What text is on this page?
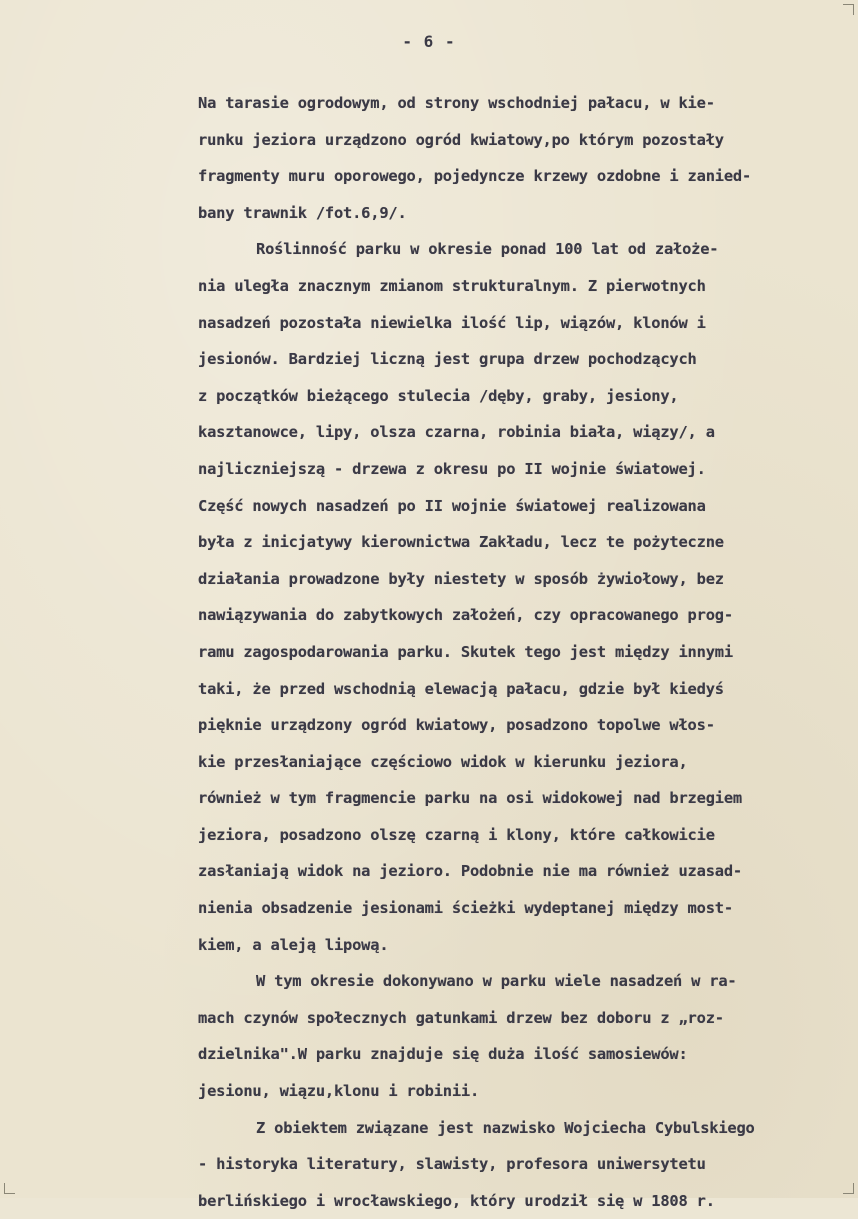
- 6 -
Na tarasie ogrodowym, od strony wschodniej pałacu, w kie-
runku jeziora urządzono ogród kwiatowy,po którym pozostały
fragmenty muru oporowego, pojedyncze krzewy ozdobne i zanied-
bany trawnik /fot.6,9/.
Roślinność parku w okresie ponad 100 lat od założe-
nia uległa znacznym zmianom strukturalnym. Z pierwotnych
nasadzeń pozostała niewielka ilość lip, wiązów, klonów i
jesionów. Bardziej liczną jest grupa drzew pochodzących
z początków bieżącego stulecia /dęby, graby, jesiony,
kasztanowce, lipy, olsza czarna, robinia biała, wiązy/, a
najliczniejszą - drzewa z okresu po II wojnie światowej.
Część nowych nasadzeń po II wojnie światowej realizowana
była z inicjatywy kierownictwa Zakładu, lecz te pożyteczne
działania prowadzone były niestety w sposób żywiołowy, bez
nawiązywania do zabytkowych założeń, czy opracowanego prog-
ramu zagospodarowania parku. Skutek tego jest między innymi
taki, że przed wschodnią elewacją pałacu, gdzie był kiedyś
pięknie urządzony ogród kwiatowy, posadzono topolwe włos-
kie przesłaniające częściowo widok w kierunku jeziora,
również w tym fragmencie parku na osi widokowej nad brzegiem
jeziora, posadzono olszę czarną i klony, które całkowicie
zasłaniają widok na jezioro. Podobnie nie ma również uzasad-
nienia obsadzenie jesionami ścieżki wydeptanej między most-
kiem, a aleją lipową.
W tym okresie dokonywano w parku wiele nasadzeń w ra-
mach czynów społecznych gatunkami drzew bez doboru z „roz-
dzielnika".W parku znajduje się duża ilość samosiewów:
jesionu, wiązu,klonu i robinii.
Z obiektem związane jest nazwisko Wojciecha Cybulskiego
- historyka literatury, slawisty, profesora uniwersytetu
berlińskiego i wrocławskiego, który urodził się w 1808 r.
